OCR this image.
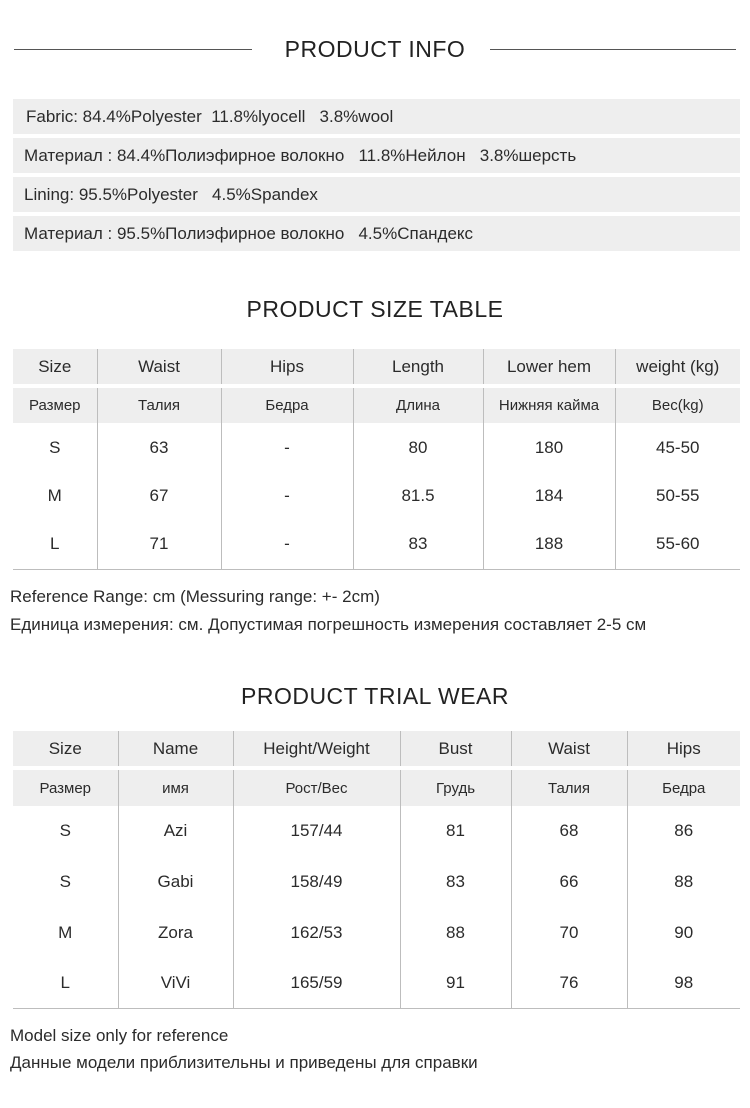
PRODUCT INFO
Fabric: 84.4%Polyester  11.8%lyocell   3.8%wool
Материал : 84.4%Полиэфирное волокно   11.8%Нейлон   3.8%шерсть
Lining: 95.5%Polyester   4.5%Spandex
Материал : 95.5%Полиэфирное волокно   4.5%Спандекс
PRODUCT SIZE TABLE
Size	Waist	Hips	Length	Lower hem	weight (kg)

Размер	Талия	Бедра	Длина	Нижняя кайма	Вес(kg)
S	63	-	80	180	45-50
M	67	-	81.5	184	50-55
L	71	-	83	188	55-60
Reference Range: cm (Messuring range: +- 2cm)
Единица измерения: см. Допустимая погрешность измерения составляет 2-5 см
PRODUCT TRIAL WEAR
Size	Name	Height/Weight	Bust	Waist	Hips

Размер	имя	Рост/Вес	Грудь	Талия	Бедра
S	Azi	157/44	81	68	86
S	Gabi	158/49	83	66	88
M	Zora	162/53	88	70	90
L	ViVi	165/59	91	76	98
Model size only for reference
Данные модели приблизительны и приведены для справки
